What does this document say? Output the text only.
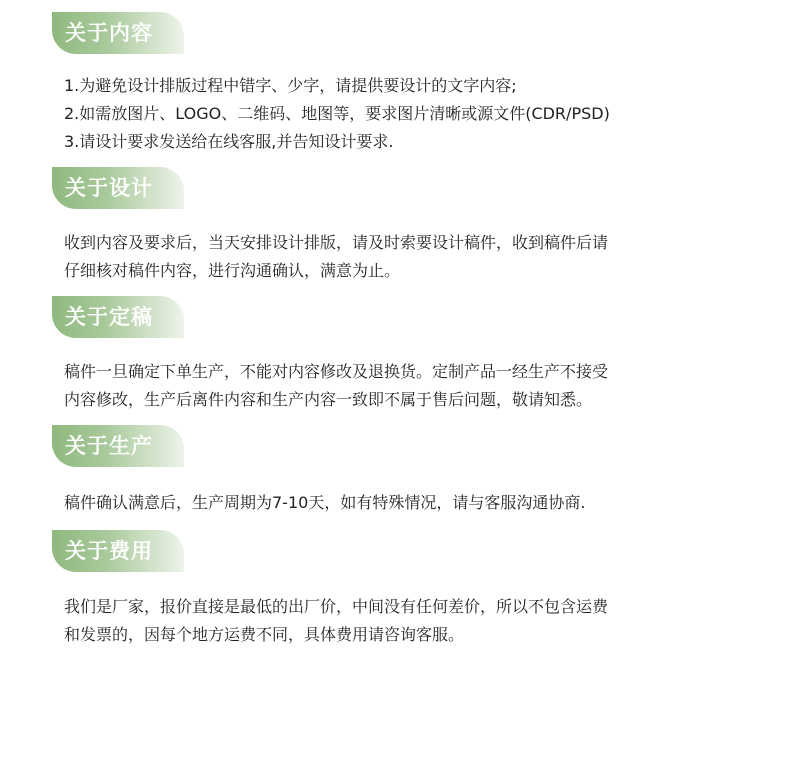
关于内容

1.为避免设计排版过程中错字、少字，请提供要设计的文字内容;

2.如需放图片、LOGO、二维码、地图等，要求图片清晰或源文件(CDR/PSD)

3.请设计要求发送给在线客服,并告知设计要求.

关于设计

收到内容及要求后，当天安排设计排版，请及时索要设计稿件，收到稿件后请

仔细核对稿件内容，进行沟通确认，满意为止。

关于定稿

稿件一旦确定下单生产，不能对内容修改及退换货。定制产品一经生产不接受

内容修改，生产后离件内容和生产内容一致即不属于售后问题，敬请知悉。

关于生产

稿件确认满意后，生产周期为7-10天，如有特殊情况，请与客服沟通协商.

关于费用

我们是厂家，报价直接是最低的出厂价，中间没有任何差价，所以不包含运费

和发票的，因每个地方运费不同，具体费用请咨询客服。
